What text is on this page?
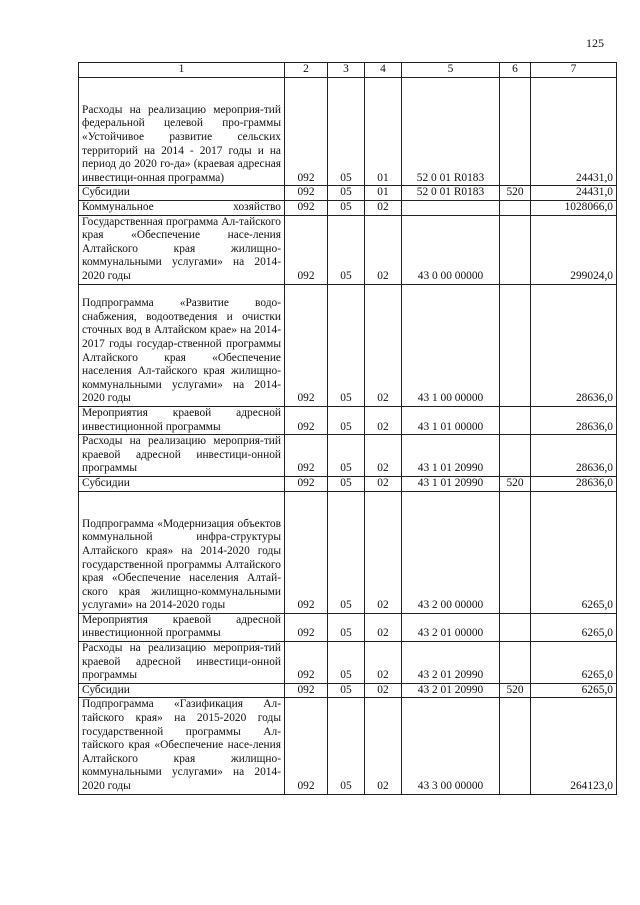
125
1	2	3	4	5	6	7
Расходы на реализацию мероприя-тий федеральной целевой про-граммы «Устойчивое развитие сельских территорий на 2014 - 2017 годы и на период до 2020 го-да» (краевая адресная инвестици-онная программа)	092	05	01	52 0 01 R0183		24431,0
Субсидии	092	05	01	52 0 01 R0183	520	24431,0
Коммунальное хозяйство	092	05	02			1028066,0
Государственная программа Ал-тайского края «Обеспечение насе-ления Алтайского края жилищно-коммунальными услугами» на 2014-2020 годы	092	05	02	43 0 00 00000		299024,0
Подпрограмма «Развитие водо-снабжения, водоотведения и очистки сточных вод в Алтайском крае» на 2014-2017 годы государ-ственной программы Алтайского края «Обеспечение населения Ал-тайского края жилищно-коммунальными услугами» на 2014-2020 годы	092	05	02	43 1 00 00000		28636,0
Мероприятия краевой адресной инвестиционной программы	092	05	02	43 1 01 00000		28636,0
Расходы на реализацию мероприя-тий краевой адресной инвестици-онной программы	092	05	02	43 1 01 20990		28636,0
Субсидии	092	05	02	43 1 01 20990	520	28636,0
Подпрограмма «Модернизация объектов коммунальной инфра-структуры Алтайского края» на 2014-2020 годы государственной программы Алтайского края «Обеспечение населения Алтай-ского края жилищно-коммунальными услугами» на 2014-2020 годы	092	05	02	43 2 00 00000		6265,0
Мероприятия краевой адресной инвестиционной программы	092	05	02	43 2 01 00000		6265,0
Расходы на реализацию мероприя-тий краевой адресной инвестици-онной программы	092	05	02	43 2 01 20990		6265,0
Субсидии	092	05	02	43 2 01 20990	520	6265,0
Подпрограмма «Газификация Ал-тайского края» на 2015-2020 годы государственной программы Ал-тайского края «Обеспечение насе-ления Алтайского края жилищно-коммунальными услугами» на 2014-2020 годы	092	05	02	43 3 00 00000		264123,0
